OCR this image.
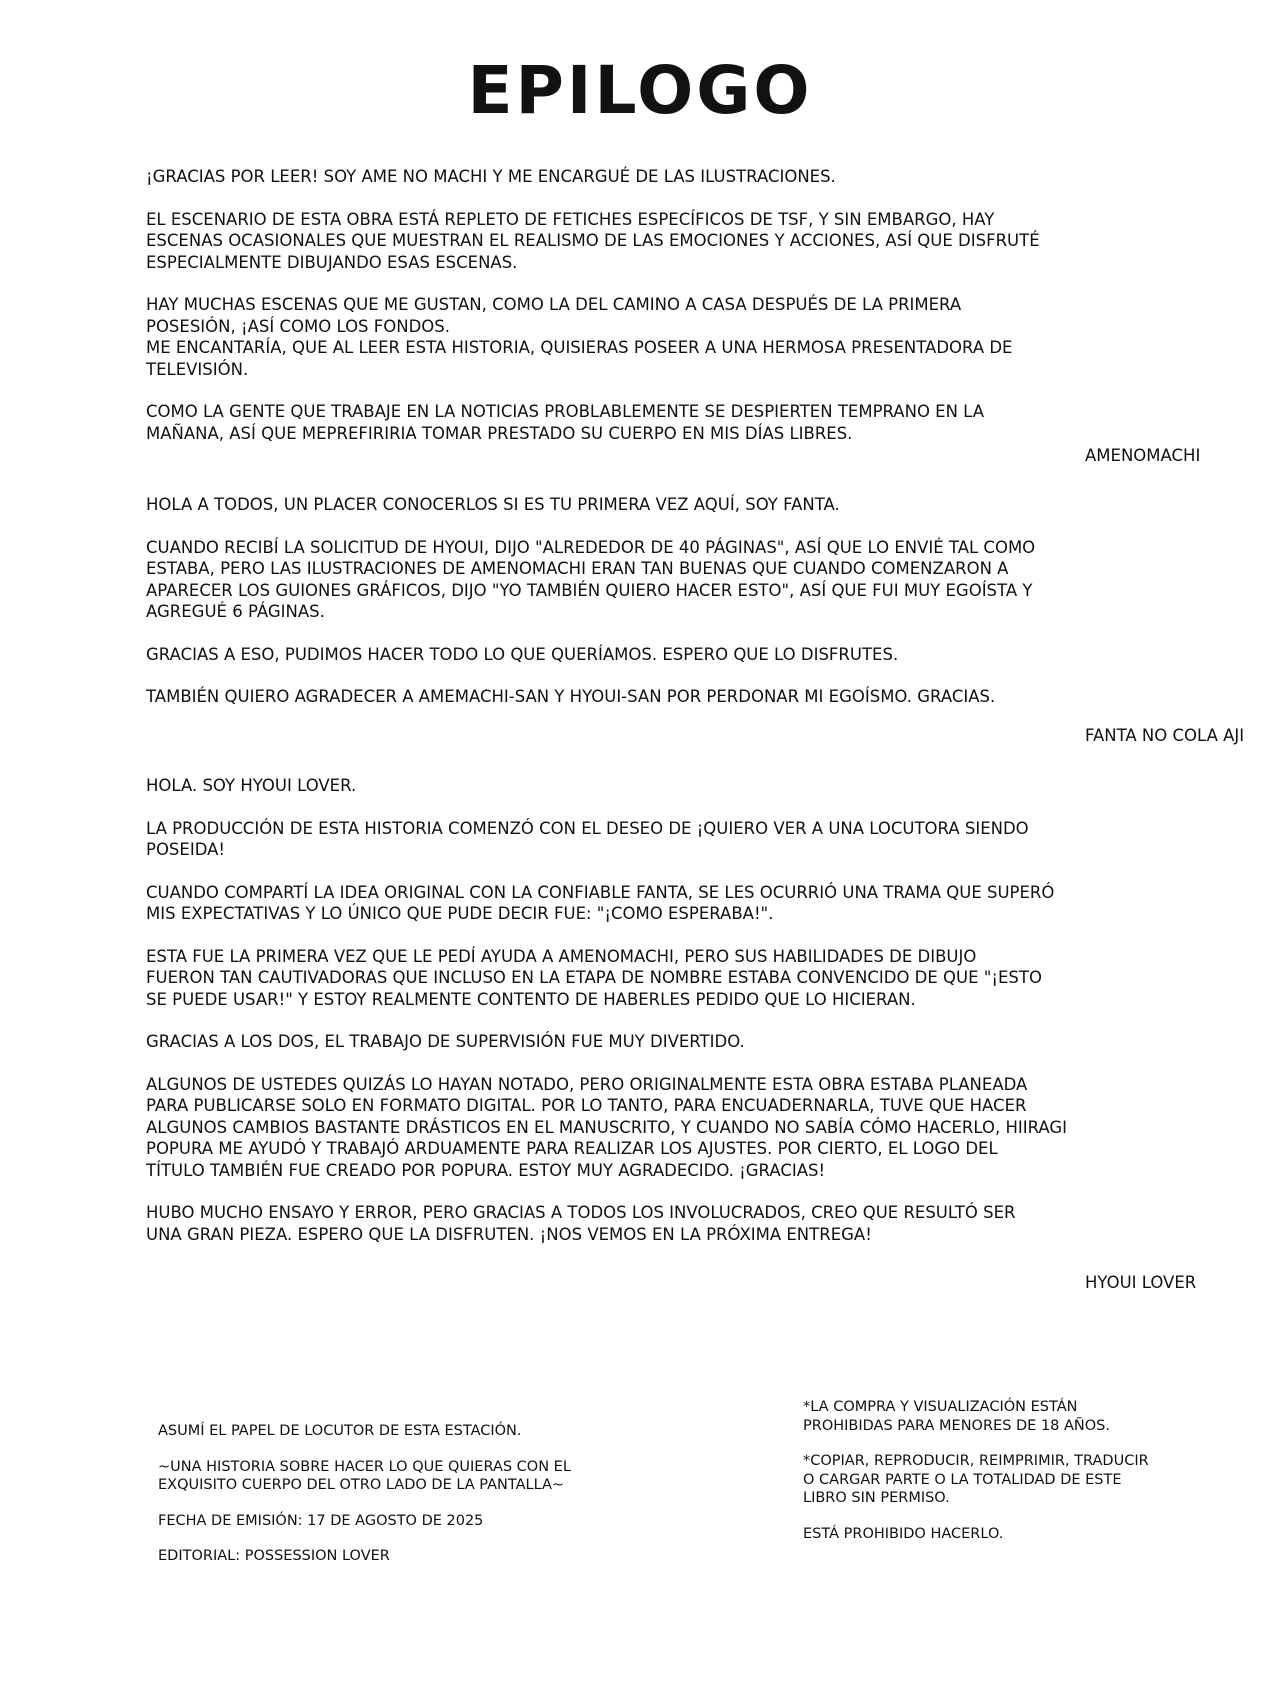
EPILOGO

¡GRACIAS POR LEER! SOY AME NO MACHI Y ME ENCARGUÉ DE LAS ILUSTRACIONES.

EL ESCENARIO DE ESTA OBRA ESTÁ REPLETO DE FETICHES ESPECÍFICOS DE TSF, Y SIN EMBARGO, HAY
ESCENAS OCASIONALES QUE MUESTRAN EL REALISMO DE LAS EMOCIONES Y ACCIONES, ASÍ QUE DISFRUTÉ
ESPECIALMENTE DIBUJANDO ESAS ESCENAS.

HAY MUCHAS ESCENAS QUE ME GUSTAN, COMO LA DEL CAMINO A CASA DESPUÉS DE LA PRIMERA
POSESIÓN, ¡ASÍ COMO LOS FONDOS.
ME ENCANTARÍA, QUE AL LEER ESTA HISTORIA, QUISIERAS POSEER A UNA HERMOSA PRESENTADORA DE
TELEVISIÓN.

COMO LA GENTE QUE TRABAJE EN LA NOTICIAS PROBLABLEMENTE SE DESPIERTEN TEMPRANO EN LA
MAÑANA, ASÍ QUE MEPREFIRIRIA TOMAR PRESTADO SU CUERPO EN MIS DÍAS LIBRES.

AMENOMACHI

HOLA A TODOS, UN PLACER CONOCERLOS SI ES TU PRIMERA VEZ AQUÍ, SOY FANTA.

CUANDO RECIBÍ LA SOLICITUD DE HYOUI, DIJO "ALREDEDOR DE 40 PÁGINAS", ASÍ QUE LO ENVIÉ TAL COMO
ESTABA, PERO LAS ILUSTRACIONES DE AMENOMACHI ERAN TAN BUENAS QUE CUANDO COMENZARON A
APARECER LOS GUIONES GRÁFICOS, DIJO "YO TAMBIÉN QUIERO HACER ESTO", ASÍ QUE FUI MUY EGOÍSTA Y
AGREGUÉ 6 PÁGINAS.

GRACIAS A ESO, PUDIMOS HACER TODO LO QUE QUERÍAMOS. ESPERO QUE LO DISFRUTES.

TAMBIÉN QUIERO AGRADECER A AMEMACHI-SAN Y HYOUI-SAN POR PERDONAR MI EGOÍSMO. GRACIAS.

FANTA NO COLA AJI

HOLA. SOY HYOUI LOVER.

LA PRODUCCIÓN DE ESTA HISTORIA COMENZÓ CON EL DESEO DE ¡QUIERO VER A UNA LOCUTORA SIENDO
POSEIDA!

CUANDO COMPARTÍ LA IDEA ORIGINAL CON LA CONFIABLE FANTA, SE LES OCURRIÓ UNA TRAMA QUE SUPERÓ
MIS EXPECTATIVAS Y LO ÚNICO QUE PUDE DECIR FUE: "¡COMO ESPERABA!".

ESTA FUE LA PRIMERA VEZ QUE LE PEDÍ AYUDA A AMENOMACHI, PERO SUS HABILIDADES DE DIBUJO
FUERON TAN CAUTIVADORAS QUE INCLUSO EN LA ETAPA DE NOMBRE ESTABA CONVENCIDO DE QUE "¡ESTO
SE PUEDE USAR!" Y ESTOY REALMENTE CONTENTO DE HABERLES PEDIDO QUE LO HICIERAN.

GRACIAS A LOS DOS, EL TRABAJO DE SUPERVISIÓN FUE MUY DIVERTIDO.

ALGUNOS DE USTEDES QUIZÁS LO HAYAN NOTADO, PERO ORIGINALMENTE ESTA OBRA ESTABA PLANEADA
PARA PUBLICARSE SOLO EN FORMATO DIGITAL. POR LO TANTO, PARA ENCUADERNARLA, TUVE QUE HACER
ALGUNOS CAMBIOS BASTANTE DRÁSTICOS EN EL MANUSCRITO, Y CUANDO NO SABÍA CÓMO HACERLO, HIIRAGI
POPURA ME AYUDÓ Y TRABAJÓ ARDUAMENTE PARA REALIZAR LOS AJUSTES. POR CIERTO, EL LOGO DEL
TÍTULO TAMBIÉN FUE CREADO POR POPURA. ESTOY MUY AGRADECIDO. ¡GRACIAS!

HUBO MUCHO ENSAYO Y ERROR, PERO GRACIAS A TODOS LOS INVOLUCRADOS, CREO QUE RESULTÓ SER
UNA GRAN PIEZA. ESPERO QUE LA DISFRUTEN. ¡NOS VEMOS EN LA PRÓXIMA ENTREGA!

HYOUI LOVER

ASUMÍ EL PAPEL DE LOCUTOR DE ESTA ESTACIÓN.

~UNA HISTORIA SOBRE HACER LO QUE QUIERAS CON EL
EXQUISITO CUERPO DEL OTRO LADO DE LA PANTALLA~

FECHA DE EMISIÓN: 17 DE AGOSTO DE 2025

EDITORIAL: POSSESSION LOVER

*LA COMPRA Y VISUALIZACIÓN ESTÁN
PROHIBIDAS PARA MENORES DE 18 AÑOS.

*COPIAR, REPRODUCIR, REIMPRIMIR, TRADUCIR
O CARGAR PARTE O LA TOTALIDAD DE ESTE
LIBRO SIN PERMISO.

ESTÁ PROHIBIDO HACERLO.
